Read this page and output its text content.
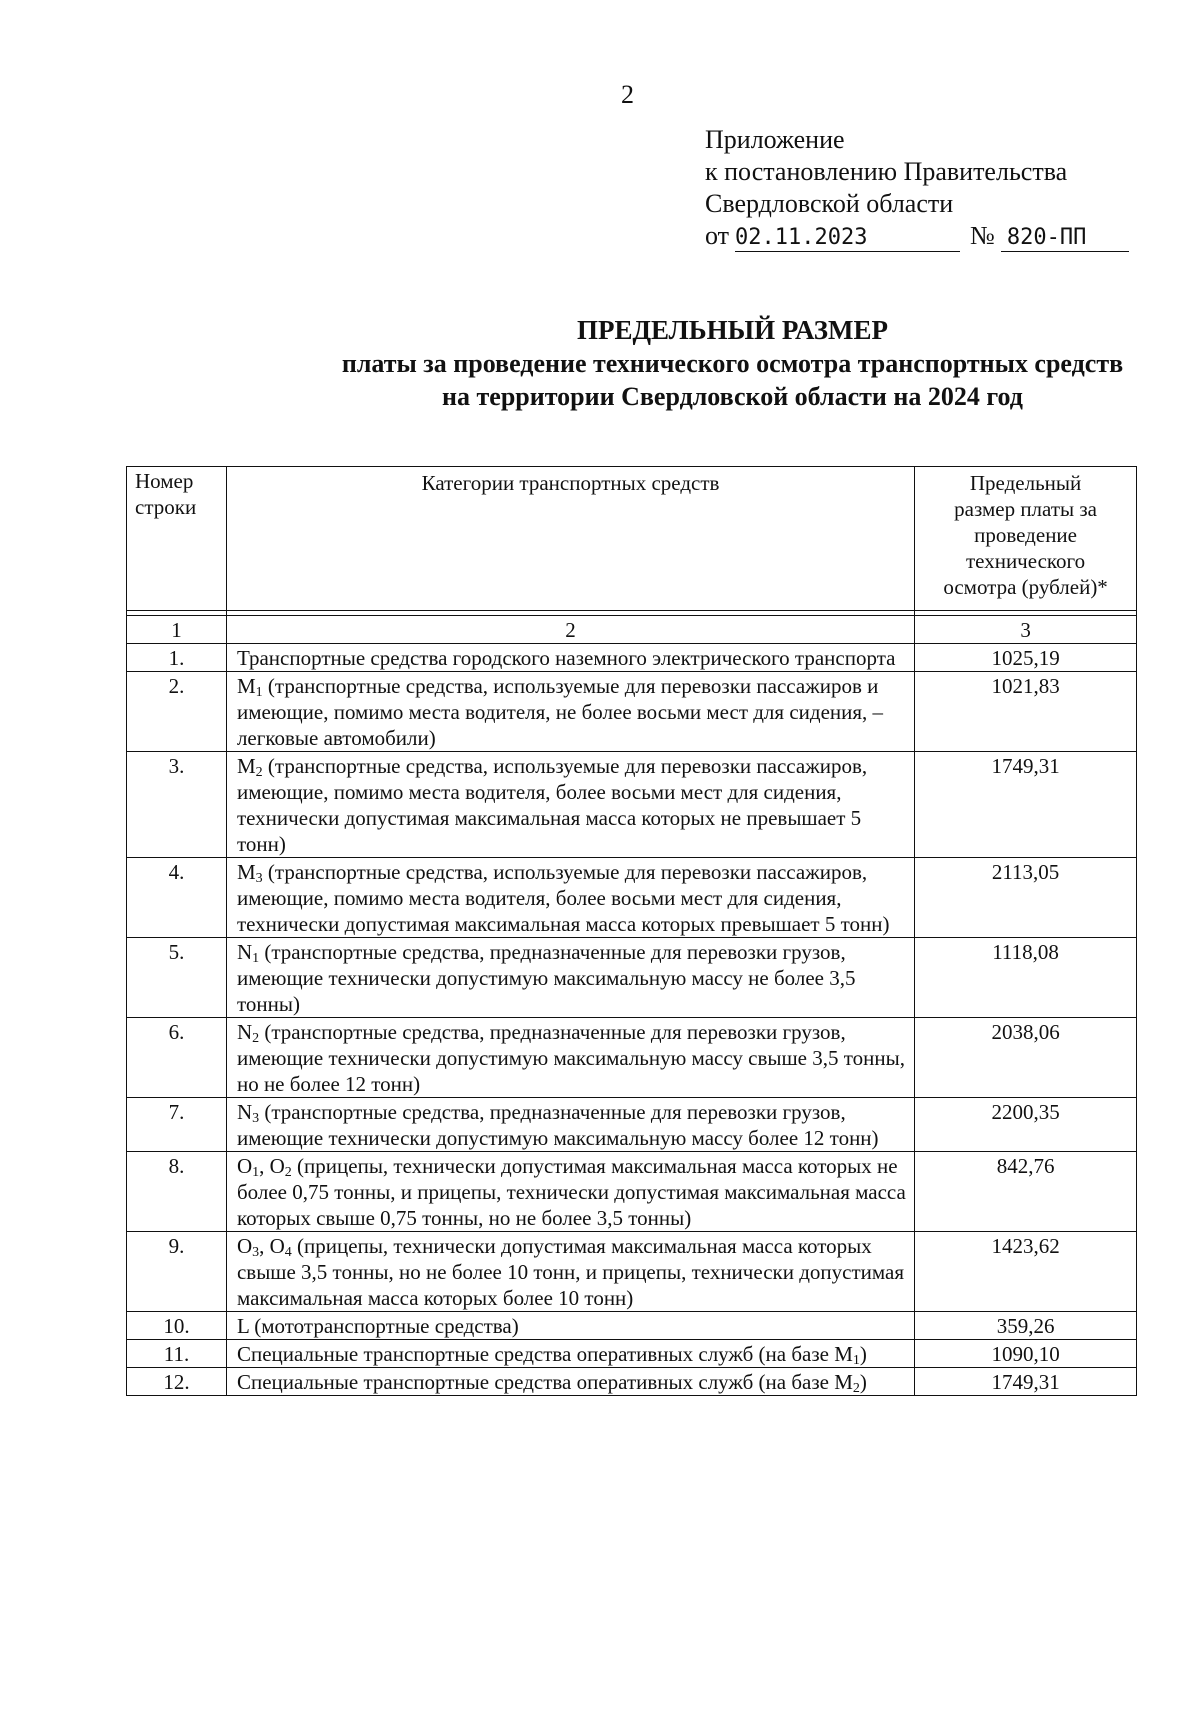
2
Приложение
к постановлению Правительства
Свердловской области
от 02.11.2023	№ 820-ПП
ПРЕДЕЛЬНЫЙ РАЗМЕР
платы за проведение технического осмотра транспортных средств
на территории Свердловской области на 2024 год
Номер
строки	Категории транспортных средств	Предельный
размер платы за
проведение
технического
осмотра (рублей)*

1	2	3
1.	Транспортные средства городского наземного электрического транспорта	1025,19
2.	$M_1$ (транспортные средства, используемые для перевозки пассажиров и имеющие, помимо места водителя, не более восьми мест для сидения, – легковые автомобили)	1021,83
3.	$M_2$ (транспортные средства, используемые для перевозки пассажиров, имеющие, помимо места водителя, более восьми мест для сидения, технически допустимая максимальная масса которых не превышает 5 тонн)	1749,31
4.	$M_3$ (транспортные средства, используемые для перевозки пассажиров, имеющие, помимо места водителя, более восьми мест для сидения, технически допустимая максимальная масса которых превышает 5 тонн)	2113,05
5.	$N_1$ (транспортные средства, предназначенные для перевозки грузов, имеющие технически допустимую максимальную массу не более 3,5 тонны)	1118,08
6.	$N_2$ (транспортные средства, предназначенные для перевозки грузов, имеющие технически допустимую максимальную массу свыше 3,5 тонны, но не более 12 тонн)	2038,06
7.	$N_3$ (транспортные средства, предназначенные для перевозки грузов, имеющие технически допустимую максимальную массу более 12 тонн)	2200,35
8.	$O_1$, $O_2$ (прицепы, технически допустимая максимальная масса которых не более 0,75 тонны, и прицепы, технически допустимая максимальная масса которых свыше 0,75 тонны, но не более 3,5 тонны)	842,76
9.	$O_3$, $O_4$ (прицепы, технически допустимая максимальная масса которых свыше 3,5 тонны, но не более 10 тонн, и прицепы, технически допустимая максимальная масса которых более 10 тонн)	1423,62
10.	L (мототранспортные средства)	359,26
11.	Специальные транспортные средства оперативных служб (на базе $M_1$)	1090,10
12.	Специальные транспортные средства оперативных служб (на базе $M_2$)	1749,31
